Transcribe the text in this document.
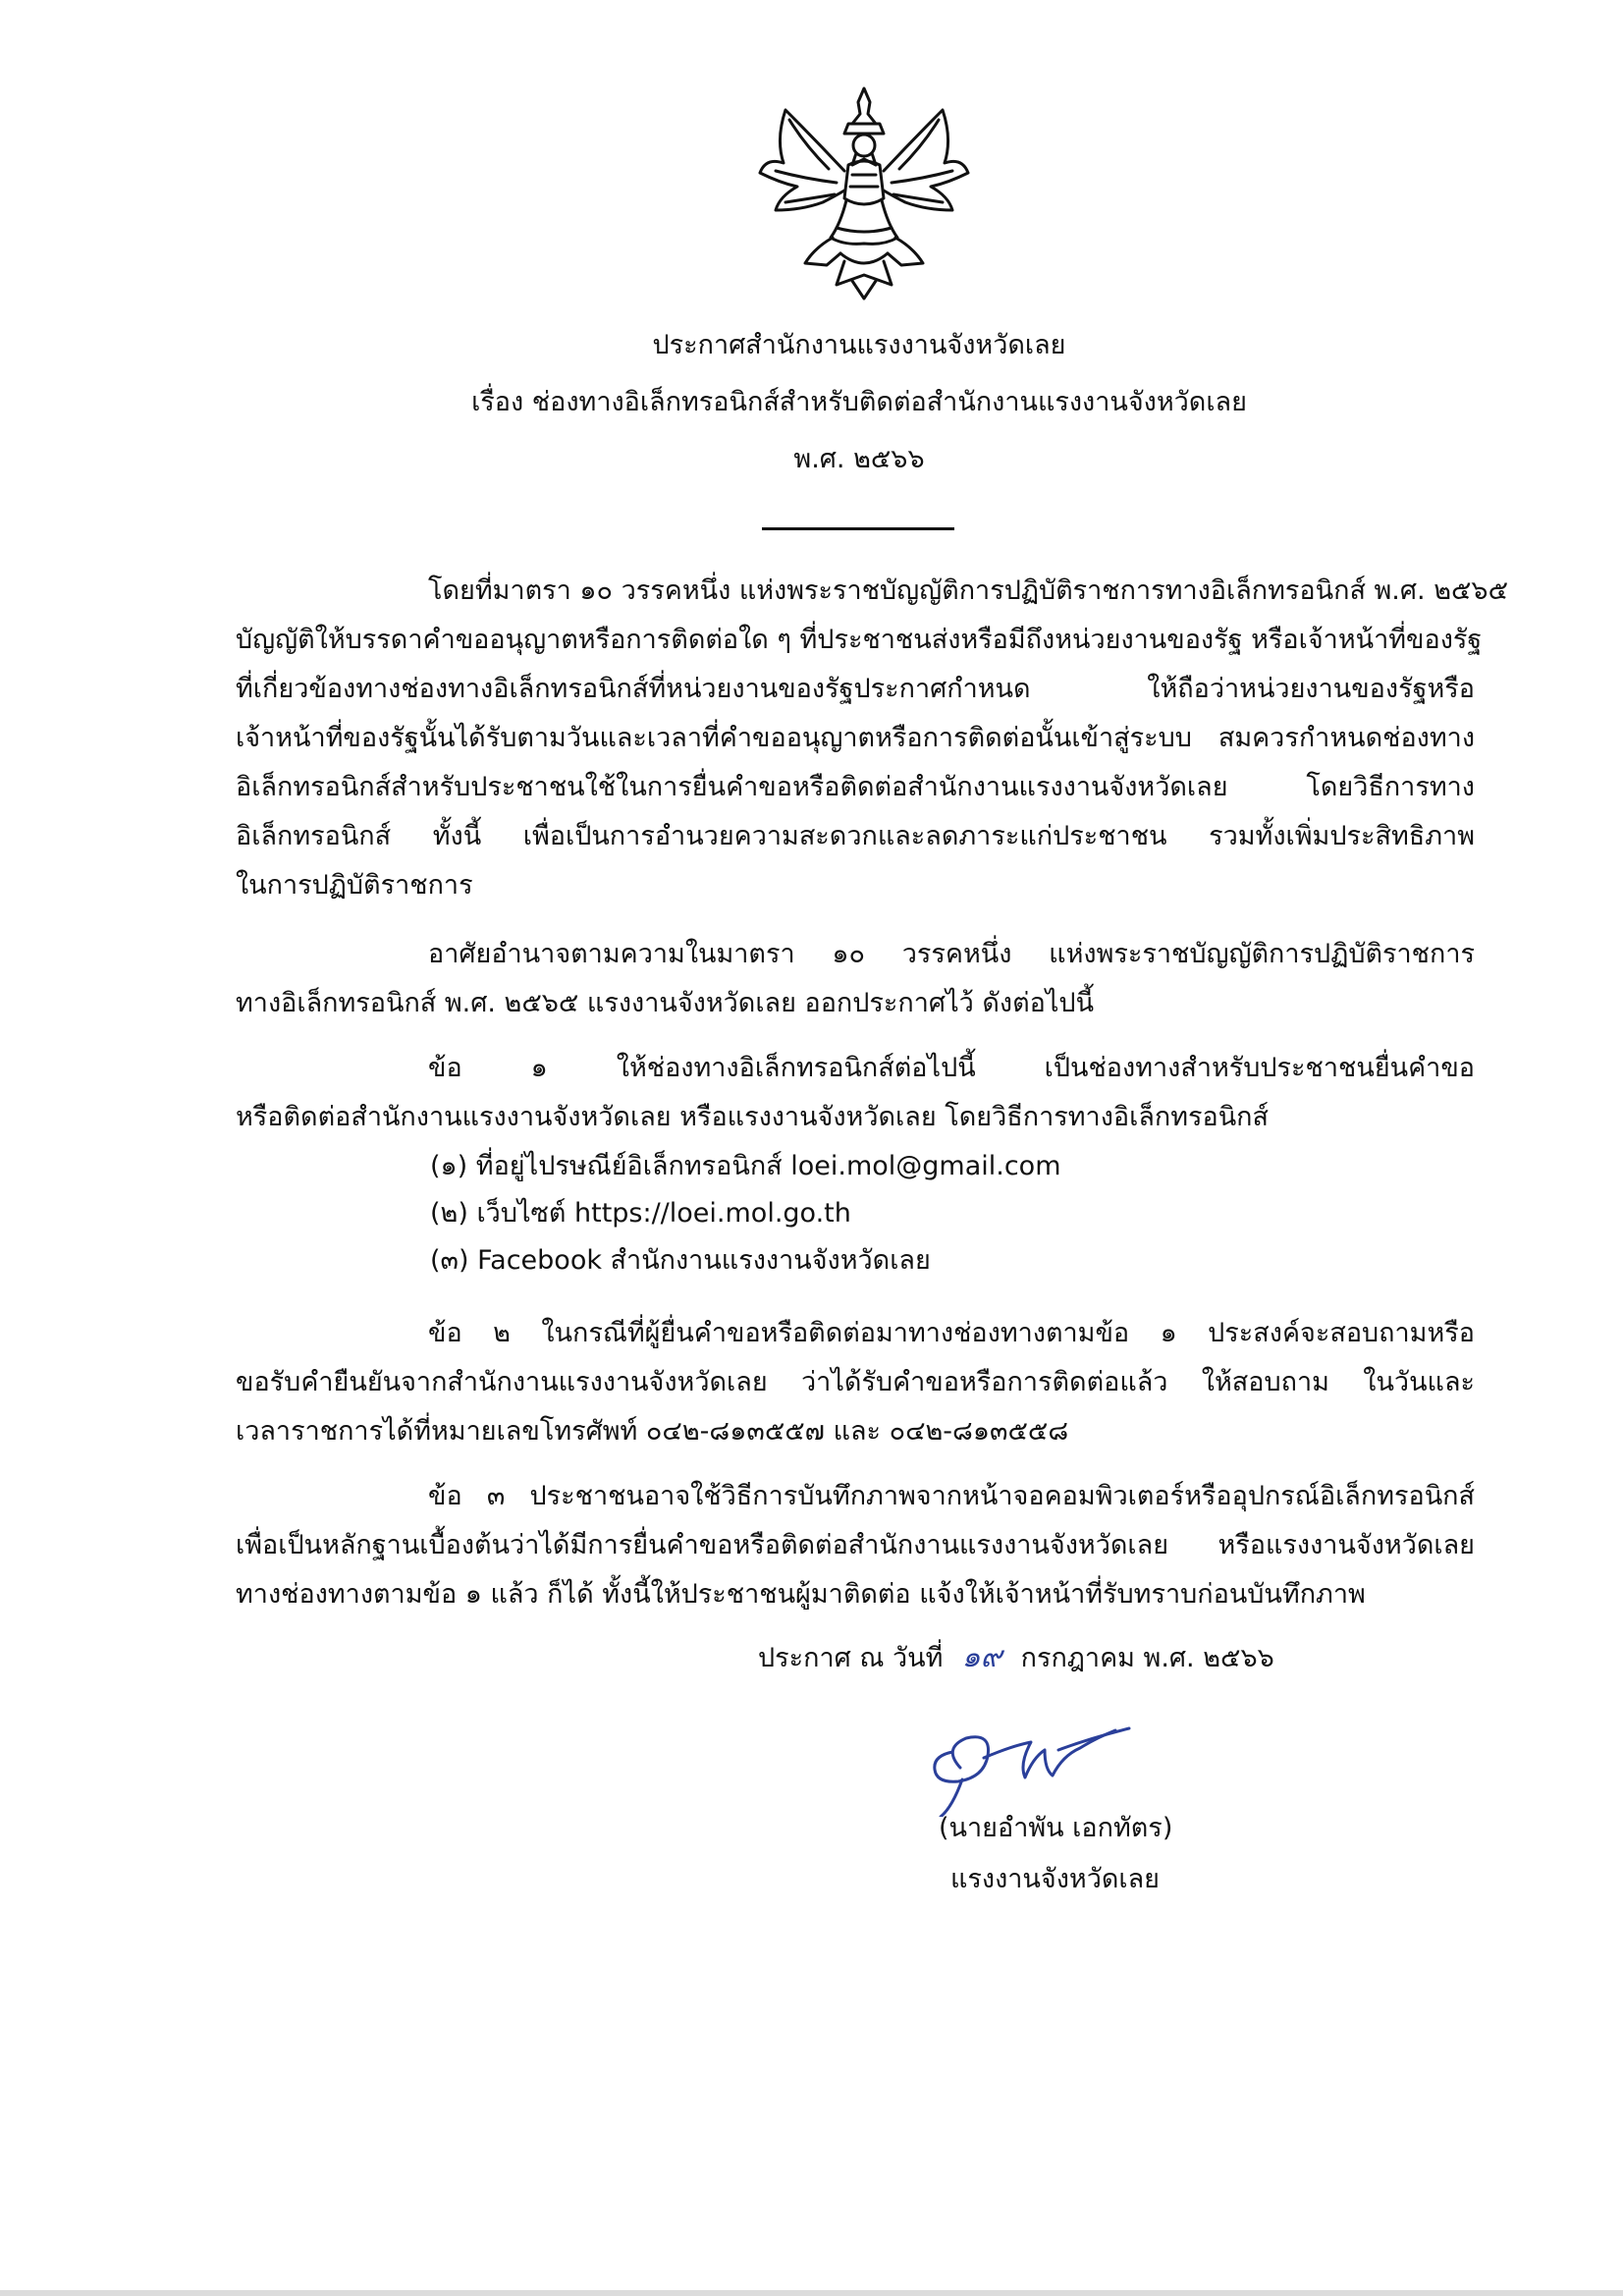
ประกาศสำนักงานแรงงานจังหวัดเลย
เรื่อง ช่องทางอิเล็กทรอนิกส์สำหรับติดต่อสำนักงานแรงงานจังหวัดเลย
พ.ศ. ๒๕๖๖
โดยที่มาตรา ๑๐ วรรคหนึ่ง แห่งพระราชบัญญัติการปฏิบัติราชการทางอิเล็กทรอนิกส์ พ.ศ. ๒๕๖๕
บัญญัติให้บรรดาคำขออนุญาตหรือการติดต่อใด ๆ ที่ประชาชนส่งหรือมีถึงหน่วยงานของรัฐ หรือเจ้าหน้าที่ของรัฐ
ที่เกี่ยวข้องทางช่องทางอิเล็กทรอนิกส์ที่หน่วยงานของรัฐประกาศกำหนด ให้ถือว่าหน่วยงานของรัฐหรือ
เจ้าหน้าที่ของรัฐนั้นได้รับตามวันและเวลาที่คำขออนุญาตหรือการติดต่อนั้นเข้าสู่ระบบ สมควรกำหนดช่องทาง
อิเล็กทรอนิกส์สำหรับประชาชนใช้ในการยื่นคำขอหรือติดต่อสำนักงานแรงงานจังหวัดเลย โดยวิธีการทาง
อิเล็กทรอนิกส์ ทั้งนี้ เพื่อเป็นการอำนวยความสะดวกและลดภาระแก่ประชาชน รวมทั้งเพิ่มประสิทธิภาพ
ในการปฏิบัติราชการ
อาศัยอำนาจตามความในมาตรา ๑๐ วรรคหนึ่ง แห่งพระราชบัญญัติการปฏิบัติราชการ
ทางอิเล็กทรอนิกส์ พ.ศ. ๒๕๖๕ แรงงานจังหวัดเลย ออกประกาศไว้ ดังต่อไปนี้
ข้อ ๑ ให้ช่องทางอิเล็กทรอนิกส์ต่อไปนี้ เป็นช่องทางสำหรับประชาชนยื่นคำขอ
หรือติดต่อสำนักงานแรงงานจังหวัดเลย หรือแรงงานจังหวัดเลย โดยวิธีการทางอิเล็กทรอนิกส์
(๑) ที่อยู่ไปรษณีย์อิเล็กทรอนิกส์ loei.mol@gmail.com
(๒) เว็บไซต์ https://loei.mol.go.th
(๓) Facebook สำนักงานแรงงานจังหวัดเลย
ข้อ ๒ ในกรณีที่ผู้ยื่นคำขอหรือติดต่อมาทางช่องทางตามข้อ ๑ ประสงค์จะสอบถามหรือ
ขอรับคำยืนยันจากสำนักงานแรงงานจังหวัดเลย ว่าได้รับคำขอหรือการติดต่อแล้ว ให้สอบถาม ในวันและ
เวลาราชการได้ที่หมายเลขโทรศัพท์ ๐๔๒-๘๑๓๕๕๗ และ ๐๔๒-๘๑๓๕๕๘
ข้อ ๓ ประชาชนอาจใช้วิธีการบันทึกภาพจากหน้าจอคอมพิวเตอร์หรืออุปกรณ์อิเล็กทรอนิกส์
เพื่อเป็นหลักฐานเบื้องต้นว่าได้มีการยื่นคำขอหรือติดต่อสำนักงานแรงงานจังหวัดเลย หรือแรงงานจังหวัดเลย
ทางช่องทางตามข้อ ๑ แล้ว ก็ได้ ทั้งนี้ให้ประชาชนผู้มาติดต่อ แจ้งให้เจ้าหน้าที่รับทราบก่อนบันทึกภาพ
ประกาศ ณ วันที่ ๑๙ กรกฎาคม พ.ศ. ๒๕๖๖
(นายอำพัน เอกทัตร)
แรงงานจังหวัดเลย
